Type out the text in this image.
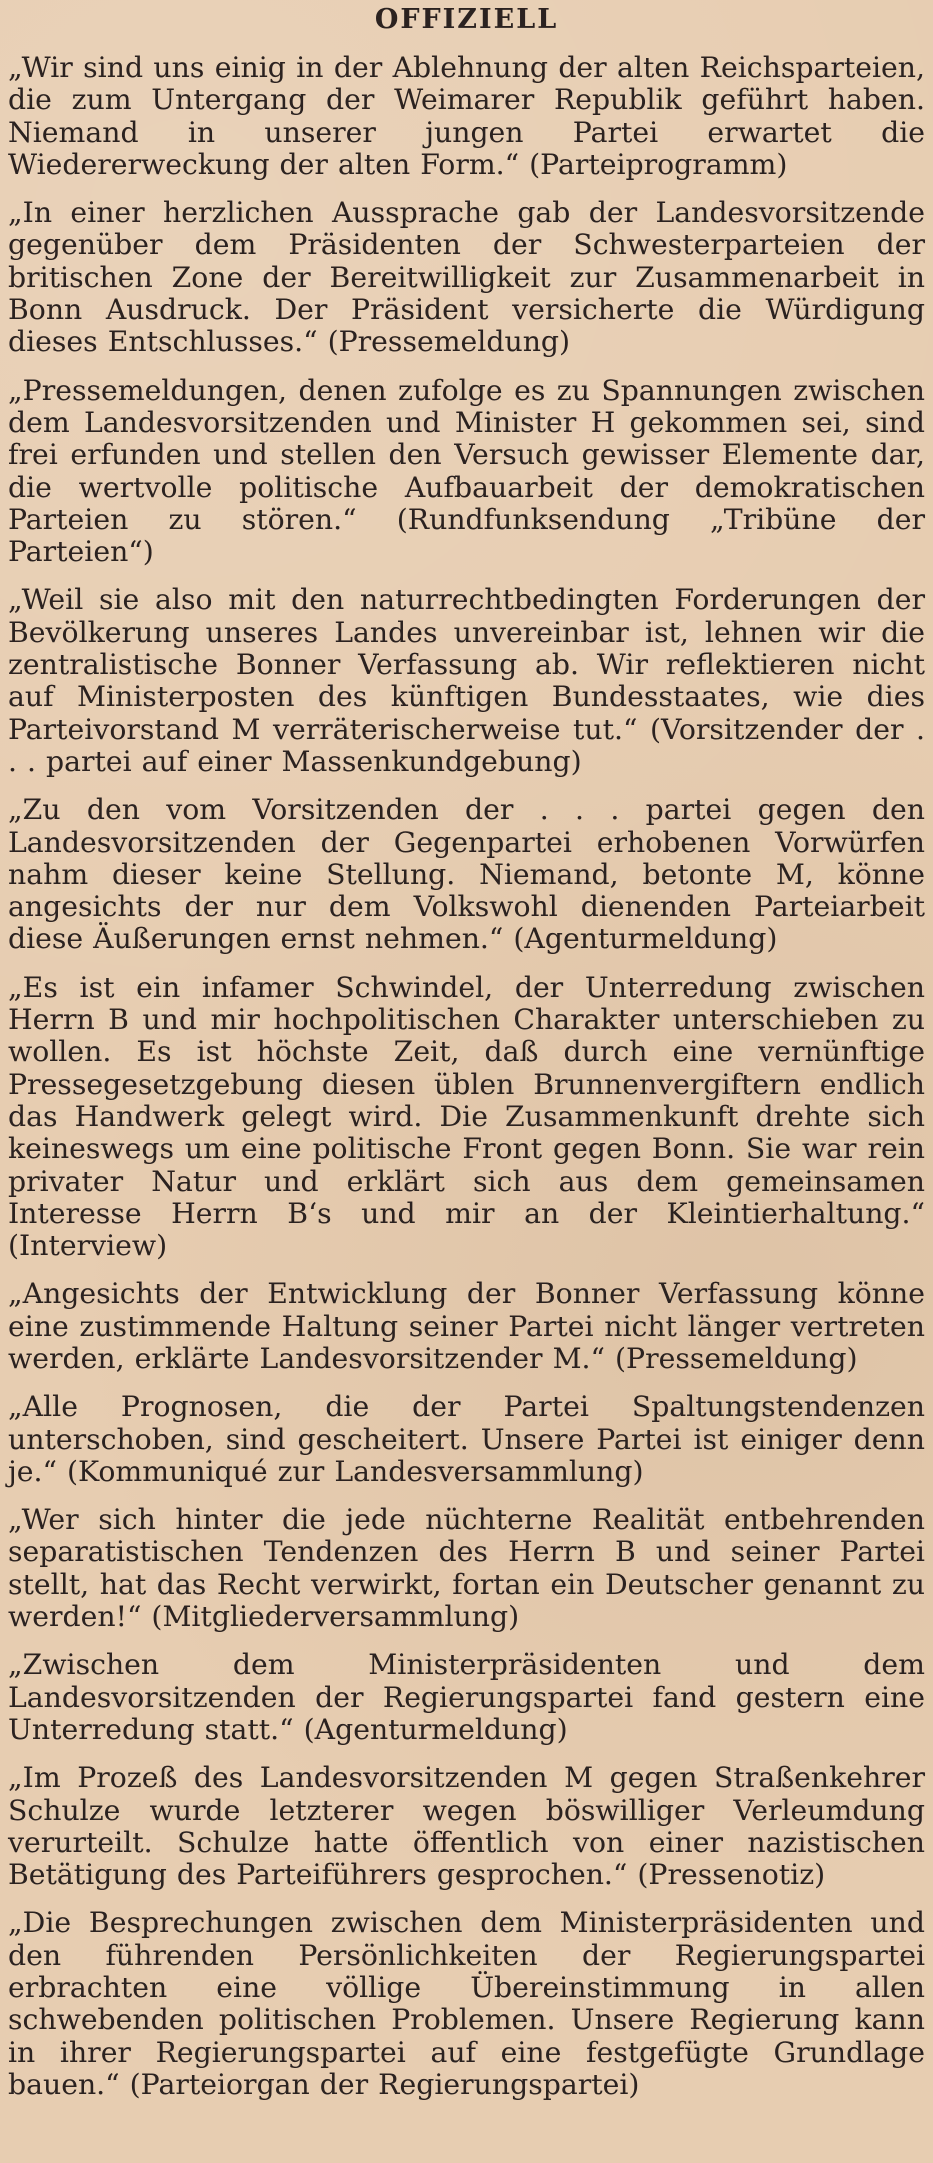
OFFIZIELL

„Wir sind uns einig in der Ablehnung der alten Reichsparteien, die zum Untergang der Weimarer Republik geführt haben. Niemand in unserer jungen Partei erwartet die Wiedererweckung der alten Form.“ (Parteiprogramm)

„In einer herzlichen Aussprache gab der Landesvorsitzende gegenüber dem Präsidenten der Schwesterparteien der britischen Zone der Bereitwilligkeit zur Zusammenarbeit in Bonn Ausdruck. Der Präsident versicherte die Würdigung dieses Entschlusses.“ (Pressemeldung)

„Pressemeldungen, denen zufolge es zu Spannungen zwischen dem Landesvorsitzenden und Minister H gekommen sei, sind frei erfunden und stellen den Versuch gewisser Elemente dar, die wertvolle politische Aufbauarbeit der demokratischen Parteien zu stören.“ (Rundfunksendung „Tribüne der Parteien“)

„Weil sie also mit den naturrechtbedingten Forderungen der Bevölkerung unseres Landes unvereinbar ist, lehnen wir die zentralistische Bonner Verfassung ab. Wir reflektieren nicht auf Ministerposten des künftigen Bundesstaates, wie dies Parteivorstand M verräterischerweise tut.“ (Vorsitzender der . . . partei auf einer Massenkundgebung)

„Zu den vom Vorsitzenden der . . . partei gegen den Landesvorsitzenden der Gegenpartei erhobenen Vorwürfen nahm dieser keine Stellung. Niemand, betonte M, könne angesichts der nur dem Volkswohl dienenden Parteiarbeit diese Äußerungen ernst nehmen.“ (Agenturmeldung)

„Es ist ein infamer Schwindel, der Unterredung zwischen Herrn B und mir hochpolitischen Charakter unterschieben zu wollen. Es ist höchste Zeit, daß durch eine vernünftige Pressegesetzgebung diesen üblen Brunnenvergiftern endlich das Handwerk gelegt wird. Die Zusammenkunft drehte sich keineswegs um eine politische Front gegen Bonn. Sie war rein privater Natur und erklärt sich aus dem gemeinsamen Interesse Herrn B‘s und mir an der Kleintierhaltung.“ (Interview)

„Angesichts der Entwicklung der Bonner Verfassung könne eine zustimmende Haltung seiner Partei nicht länger vertreten werden, erklärte Landesvorsitzender M.“ (Pressemeldung)

„Alle Prognosen, die der Partei Spaltungstendenzen unterschoben, sind gescheitert. Unsere Partei ist einiger denn je.“ (Kommuniqué zur Landesversammlung)

„Wer sich hinter die jede nüchterne Realität entbehrenden separatistischen Tendenzen des Herrn B und seiner Partei stellt, hat das Recht verwirkt, fortan ein Deutscher genannt zu werden!“ (Mitgliederversammlung)

„Zwischen dem Ministerpräsidenten und dem Landesvorsitzenden der Regierungspartei fand gestern eine Unterredung statt.“ (Agenturmeldung)

„Im Prozeß des Landesvorsitzenden M gegen Straßenkehrer Schulze wurde letzterer wegen böswilliger Verleumdung verurteilt. Schulze hatte öffentlich von einer nazistischen Betätigung des Parteiführers gesprochen.“ (Pressenotiz)

„Die Besprechungen zwischen dem Ministerpräsidenten und den führenden Persönlichkeiten der Regierungspartei erbrachten eine völlige Übereinstimmung in allen schwebenden politischen Problemen. Unsere Regierung kann in ihrer Regierungspartei auf eine festgefügte Grundlage bauen.“ (Parteiorgan der Regierungspartei)
